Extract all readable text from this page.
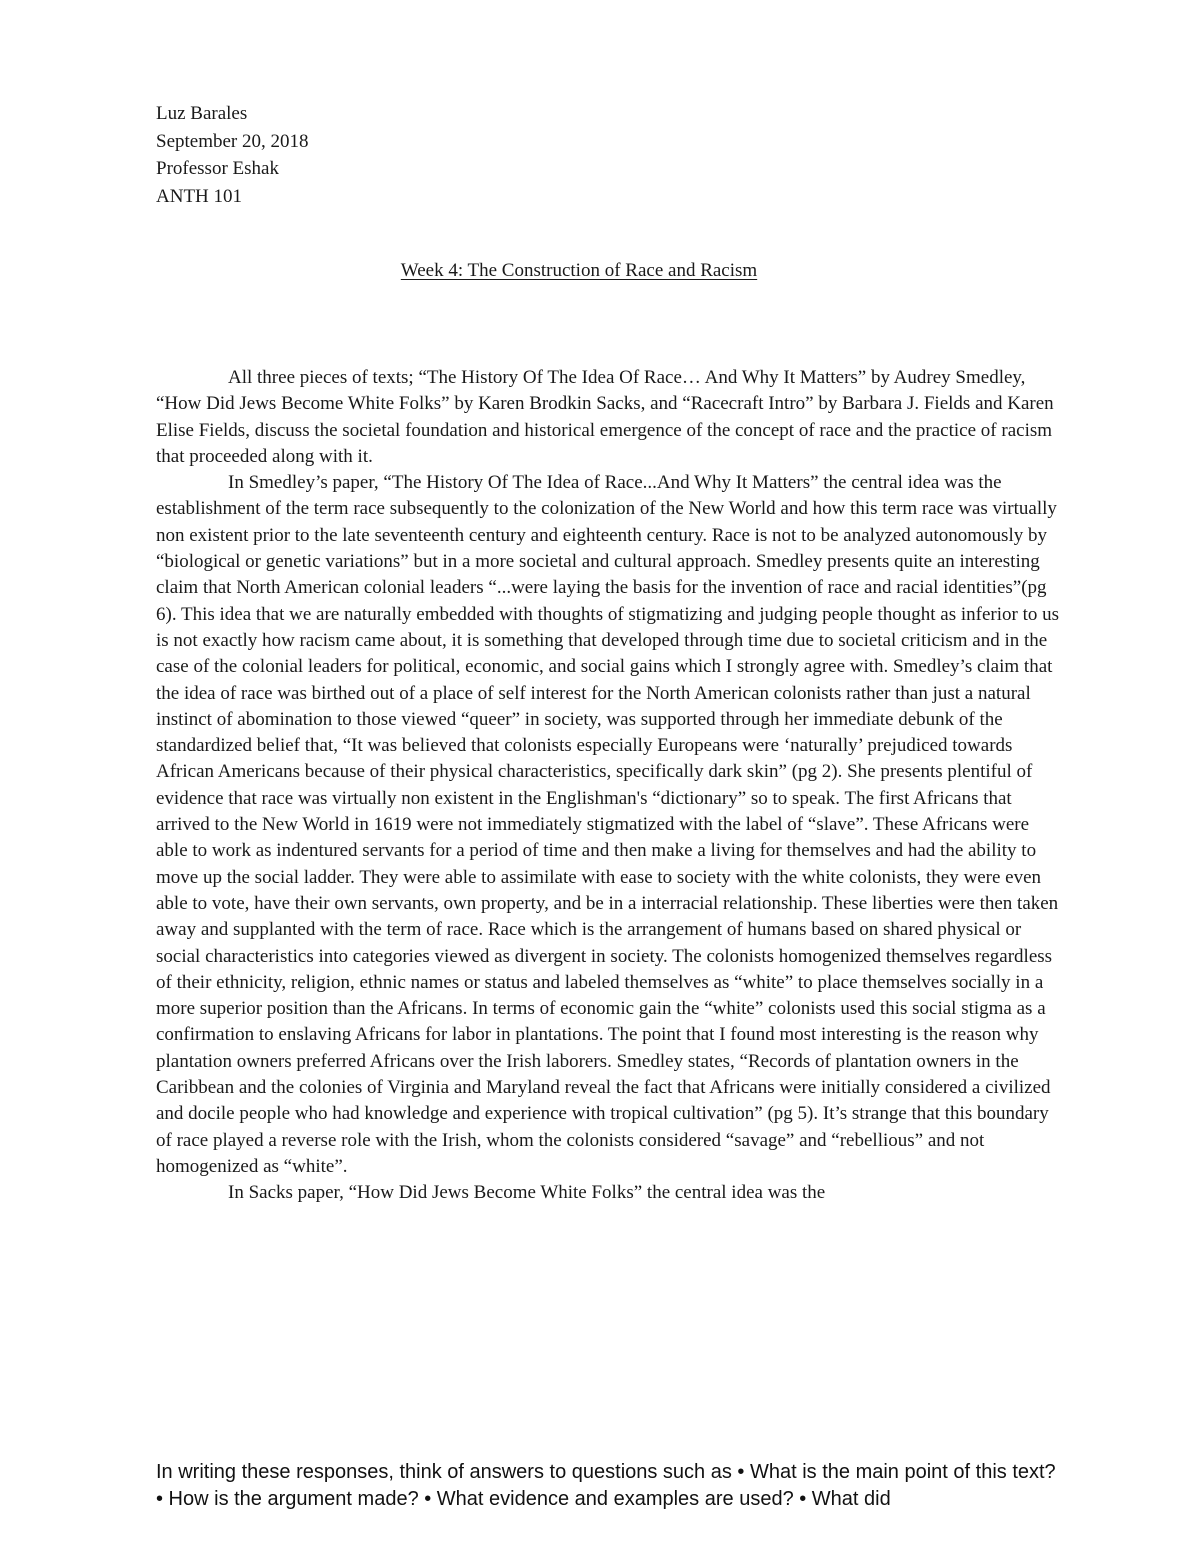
Luz Barales
September 20, 2018
Professor Eshak
ANTH 101
Week 4: The Construction of Race and Racism

All three pieces of texts; “The History Of The Idea Of Race… And Why It Matters” by Audrey Smedley, “How Did Jews Become White Folks” by Karen Brodkin Sacks, and “Racecraft Intro” by Barbara J. Fields and Karen Elise Fields, discuss the societal foundation and historical emergence of the concept of race and the practice of racism that proceeded along with it.

In Smedley’s paper, “The History Of The Idea of Race...And Why It Matters” the central idea was the establishment of the term race subsequently to the colonization of the New World and how this term race was virtually non existent prior to the late seventeenth century and eighteenth century. Race is not to be analyzed autonomously by “biological or genetic variations” but in a more societal and cultural approach. Smedley presents quite an interesting claim that North American colonial leaders “...were laying the basis for the invention of race and racial identities”(pg 6). This idea that we are naturally embedded with thoughts of stigmatizing and judging people thought as inferior to us is not exactly how racism came about, it is something that developed through time due to societal criticism and in the case of the colonial leaders for political, economic, and social gains which I strongly agree with. Smedley’s claim that the idea of race was birthed out of a place of self interest for the North American colonists rather than just a natural instinct of abomination to those viewed “queer” in society, was supported through her immediate debunk of the standardized belief that, “It was believed that colonists especially Europeans were ‘naturally’ prejudiced towards African Americans because of their physical characteristics, specifically dark skin” (pg 2). She presents plentiful of evidence that race was virtually non existent in the Englishman's “dictionary” so to speak. The first Africans that arrived to the New World in 1619 were not immediately stigmatized with the label of “slave”. These Africans were able to work as indentured servants for a period of time and then make a living for themselves and had the ability to move up the social ladder. They were able to assimilate with ease to society with the white colonists, they were even able to vote, have their own servants, own property, and be in a interracial relationship. These liberties were then taken away and supplanted with the term of race. Race which is the arrangement of humans based on shared physical or social characteristics into categories viewed as divergent in society. The colonists homogenized themselves regardless of their ethnicity, religion, ethnic names or status and labeled themselves as “white” to place themselves socially in a more superior position than the Africans. In terms of economic gain the “white” colonists used this social stigma as a confirmation to enslaving Africans for labor in plantations. The point that I found most interesting is the reason why plantation owners preferred Africans over the Irish laborers. Smedley states, “Records of plantation owners in the Caribbean and the colonies of Virginia and Maryland reveal the fact that Africans were initially considered a civilized and docile people who had knowledge and experience with tropical cultivation” (pg 5). It’s strange that this boundary of race played a reverse role with the Irish, whom the colonists considered “savage” and “rebellious” and not homogenized as “white”.

In Sacks paper, “How Did Jews Become White Folks” the central idea was the

In writing these responses, think of answers to questions such as • What is the main point of this text? • How is the argument made? • What evidence and examples are used? • What did
